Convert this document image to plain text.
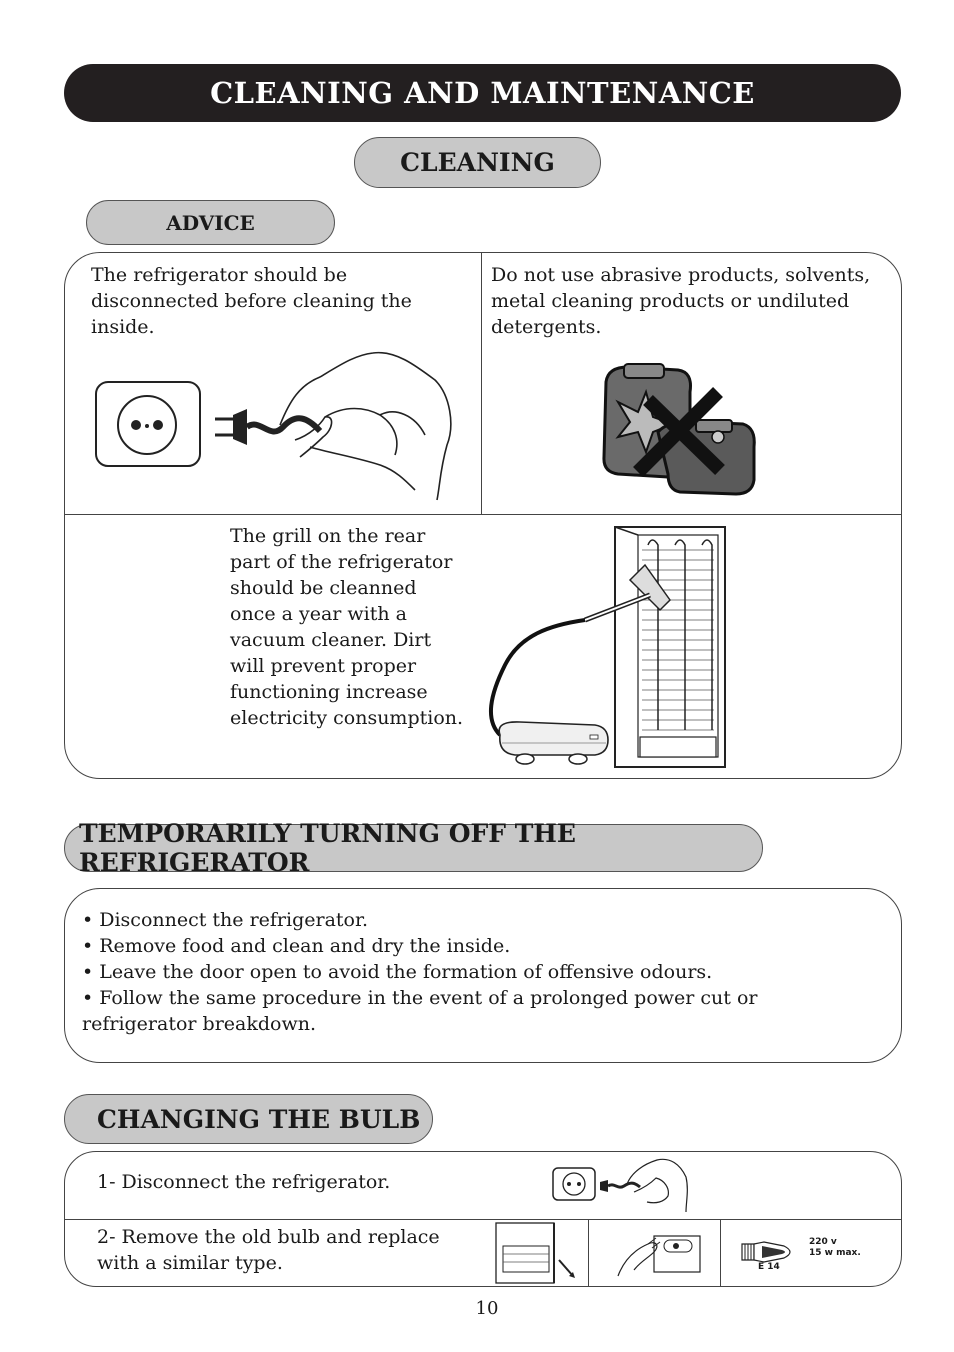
CLEANING AND MAINTENANCE
CLEANING
ADVICE
The refrigerator should be disconnected before cleaning the inside.
Do not use abrasive products, solvents, metal cleaning products or undiluted detergents.
The grill on the rear part of the refrigerator should be cleanned once a year with a vacuum cleaner. Dirt will prevent proper functioning increase electricity consumption.
TEMPORARILY TURNING OFF THE REFRIGERATOR
• Disconnect the refrigerator.
• Remove food and clean and dry the inside.
• Leave the door open to avoid the formation of offensive odours.
• Follow the same procedure in the event of a prolonged power cut or refrigerator breakdown.
CHANGING THE BULB
1- Disconnect the refrigerator.
2- Remove the old bulb and replace with a similar type.
220 v
15 w max.
E 14
10
